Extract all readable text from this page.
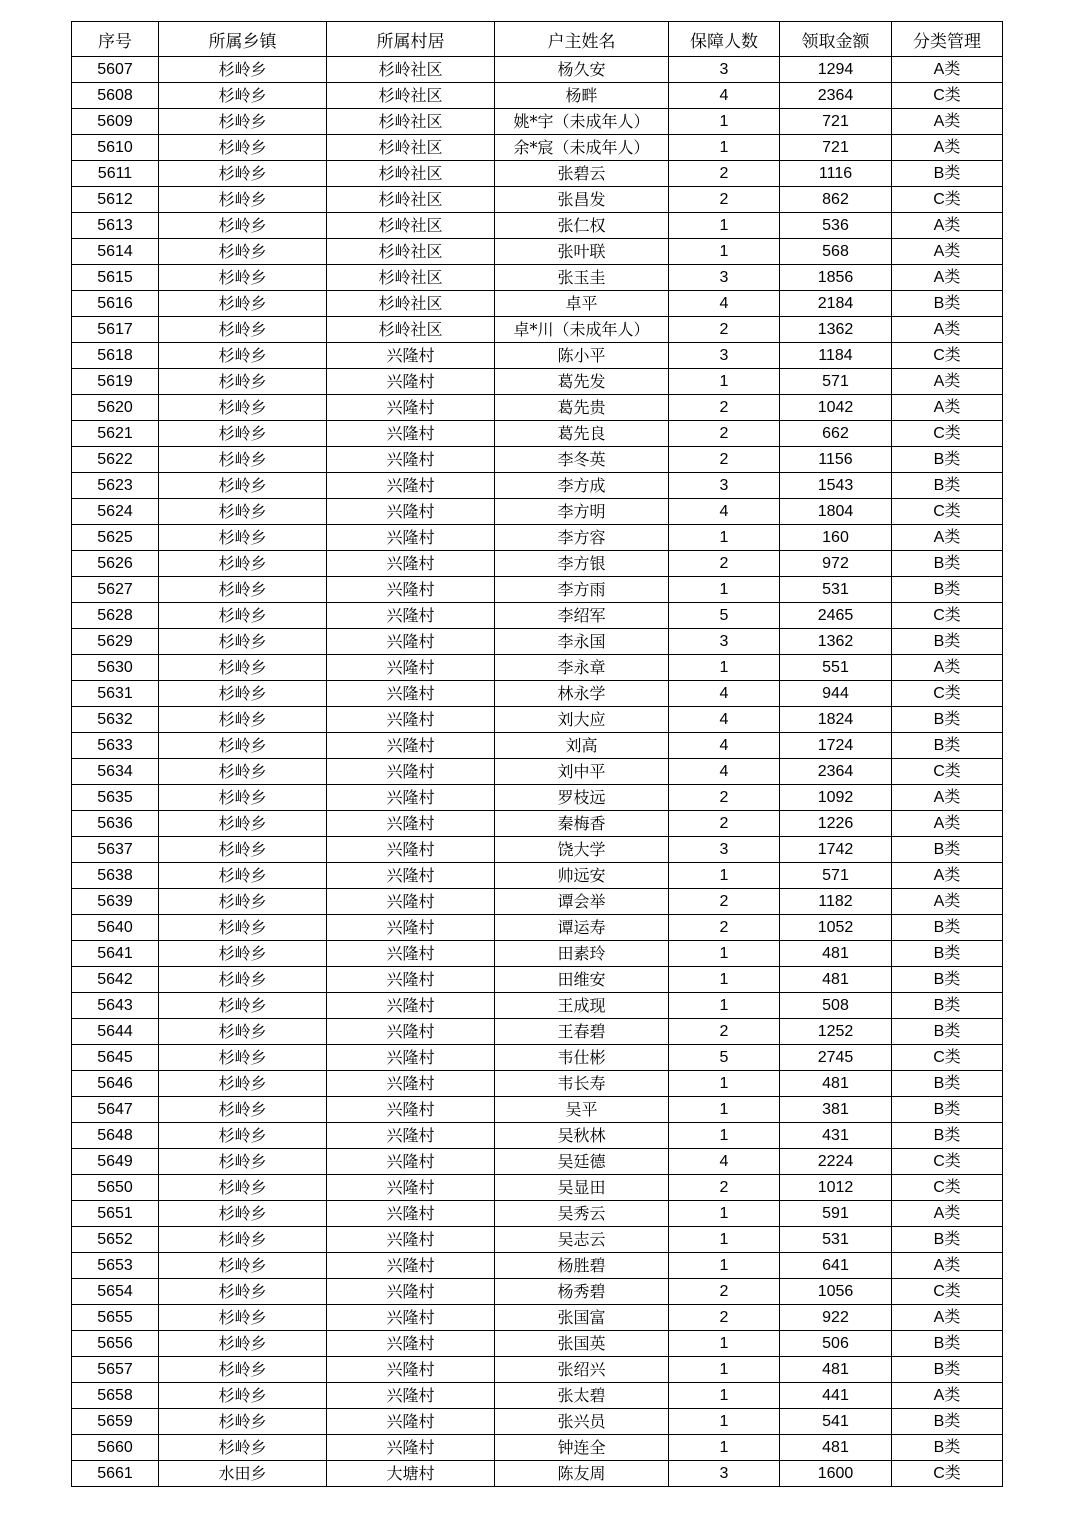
序号	所属乡镇	所属村居	户主姓名	保障人数	领取金额	分类管理
5607	杉岭乡	杉岭社区	杨久安	3	1294	A类
5608	杉岭乡	杉岭社区	杨畔	4	2364	C类
5609	杉岭乡	杉岭社区	姚*宇（未成年人）	1	721	A类
5610	杉岭乡	杉岭社区	余*宸（未成年人）	1	721	A类
5611	杉岭乡	杉岭社区	张碧云	2	1116	B类
5612	杉岭乡	杉岭社区	张昌发	2	862	C类
5613	杉岭乡	杉岭社区	张仁权	1	536	A类
5614	杉岭乡	杉岭社区	张叶联	1	568	A类
5615	杉岭乡	杉岭社区	张玉圭	3	1856	A类
5616	杉岭乡	杉岭社区	卓平	4	2184	B类
5617	杉岭乡	杉岭社区	卓*川（未成年人）	2	1362	A类
5618	杉岭乡	兴隆村	陈小平	3	1184	C类
5619	杉岭乡	兴隆村	葛先发	1	571	A类
5620	杉岭乡	兴隆村	葛先贵	2	1042	A类
5621	杉岭乡	兴隆村	葛先良	2	662	C类
5622	杉岭乡	兴隆村	李冬英	2	1156	B类
5623	杉岭乡	兴隆村	李方成	3	1543	B类
5624	杉岭乡	兴隆村	李方明	4	1804	C类
5625	杉岭乡	兴隆村	李方容	1	160	A类
5626	杉岭乡	兴隆村	李方银	2	972	B类
5627	杉岭乡	兴隆村	李方雨	1	531	B类
5628	杉岭乡	兴隆村	李绍军	5	2465	C类
5629	杉岭乡	兴隆村	李永国	3	1362	B类
5630	杉岭乡	兴隆村	李永章	1	551	A类
5631	杉岭乡	兴隆村	林永学	4	944	C类
5632	杉岭乡	兴隆村	刘大应	4	1824	B类
5633	杉岭乡	兴隆村	刘高	4	1724	B类
5634	杉岭乡	兴隆村	刘中平	4	2364	C类
5635	杉岭乡	兴隆村	罗枝远	2	1092	A类
5636	杉岭乡	兴隆村	秦梅香	2	1226	A类
5637	杉岭乡	兴隆村	饶大学	3	1742	B类
5638	杉岭乡	兴隆村	帅远安	1	571	A类
5639	杉岭乡	兴隆村	谭会举	2	1182	A类
5640	杉岭乡	兴隆村	谭运寿	2	1052	B类
5641	杉岭乡	兴隆村	田素玲	1	481	B类
5642	杉岭乡	兴隆村	田维安	1	481	B类
5643	杉岭乡	兴隆村	王成现	1	508	B类
5644	杉岭乡	兴隆村	王春碧	2	1252	B类
5645	杉岭乡	兴隆村	韦仕彬	5	2745	C类
5646	杉岭乡	兴隆村	韦长寿	1	481	B类
5647	杉岭乡	兴隆村	吴平	1	381	B类
5648	杉岭乡	兴隆村	吴秋林	1	431	B类
5649	杉岭乡	兴隆村	吴廷德	4	2224	C类
5650	杉岭乡	兴隆村	吴显田	2	1012	C类
5651	杉岭乡	兴隆村	吴秀云	1	591	A类
5652	杉岭乡	兴隆村	吴志云	1	531	B类
5653	杉岭乡	兴隆村	杨胜碧	1	641	A类
5654	杉岭乡	兴隆村	杨秀碧	2	1056	C类
5655	杉岭乡	兴隆村	张国富	2	922	A类
5656	杉岭乡	兴隆村	张国英	1	506	B类
5657	杉岭乡	兴隆村	张绍兴	1	481	B类
5658	杉岭乡	兴隆村	张太碧	1	441	A类
5659	杉岭乡	兴隆村	张兴员	1	541	B类
5660	杉岭乡	兴隆村	钟连全	1	481	B类
5661	水田乡	大塘村	陈友周	3	1600	C类
